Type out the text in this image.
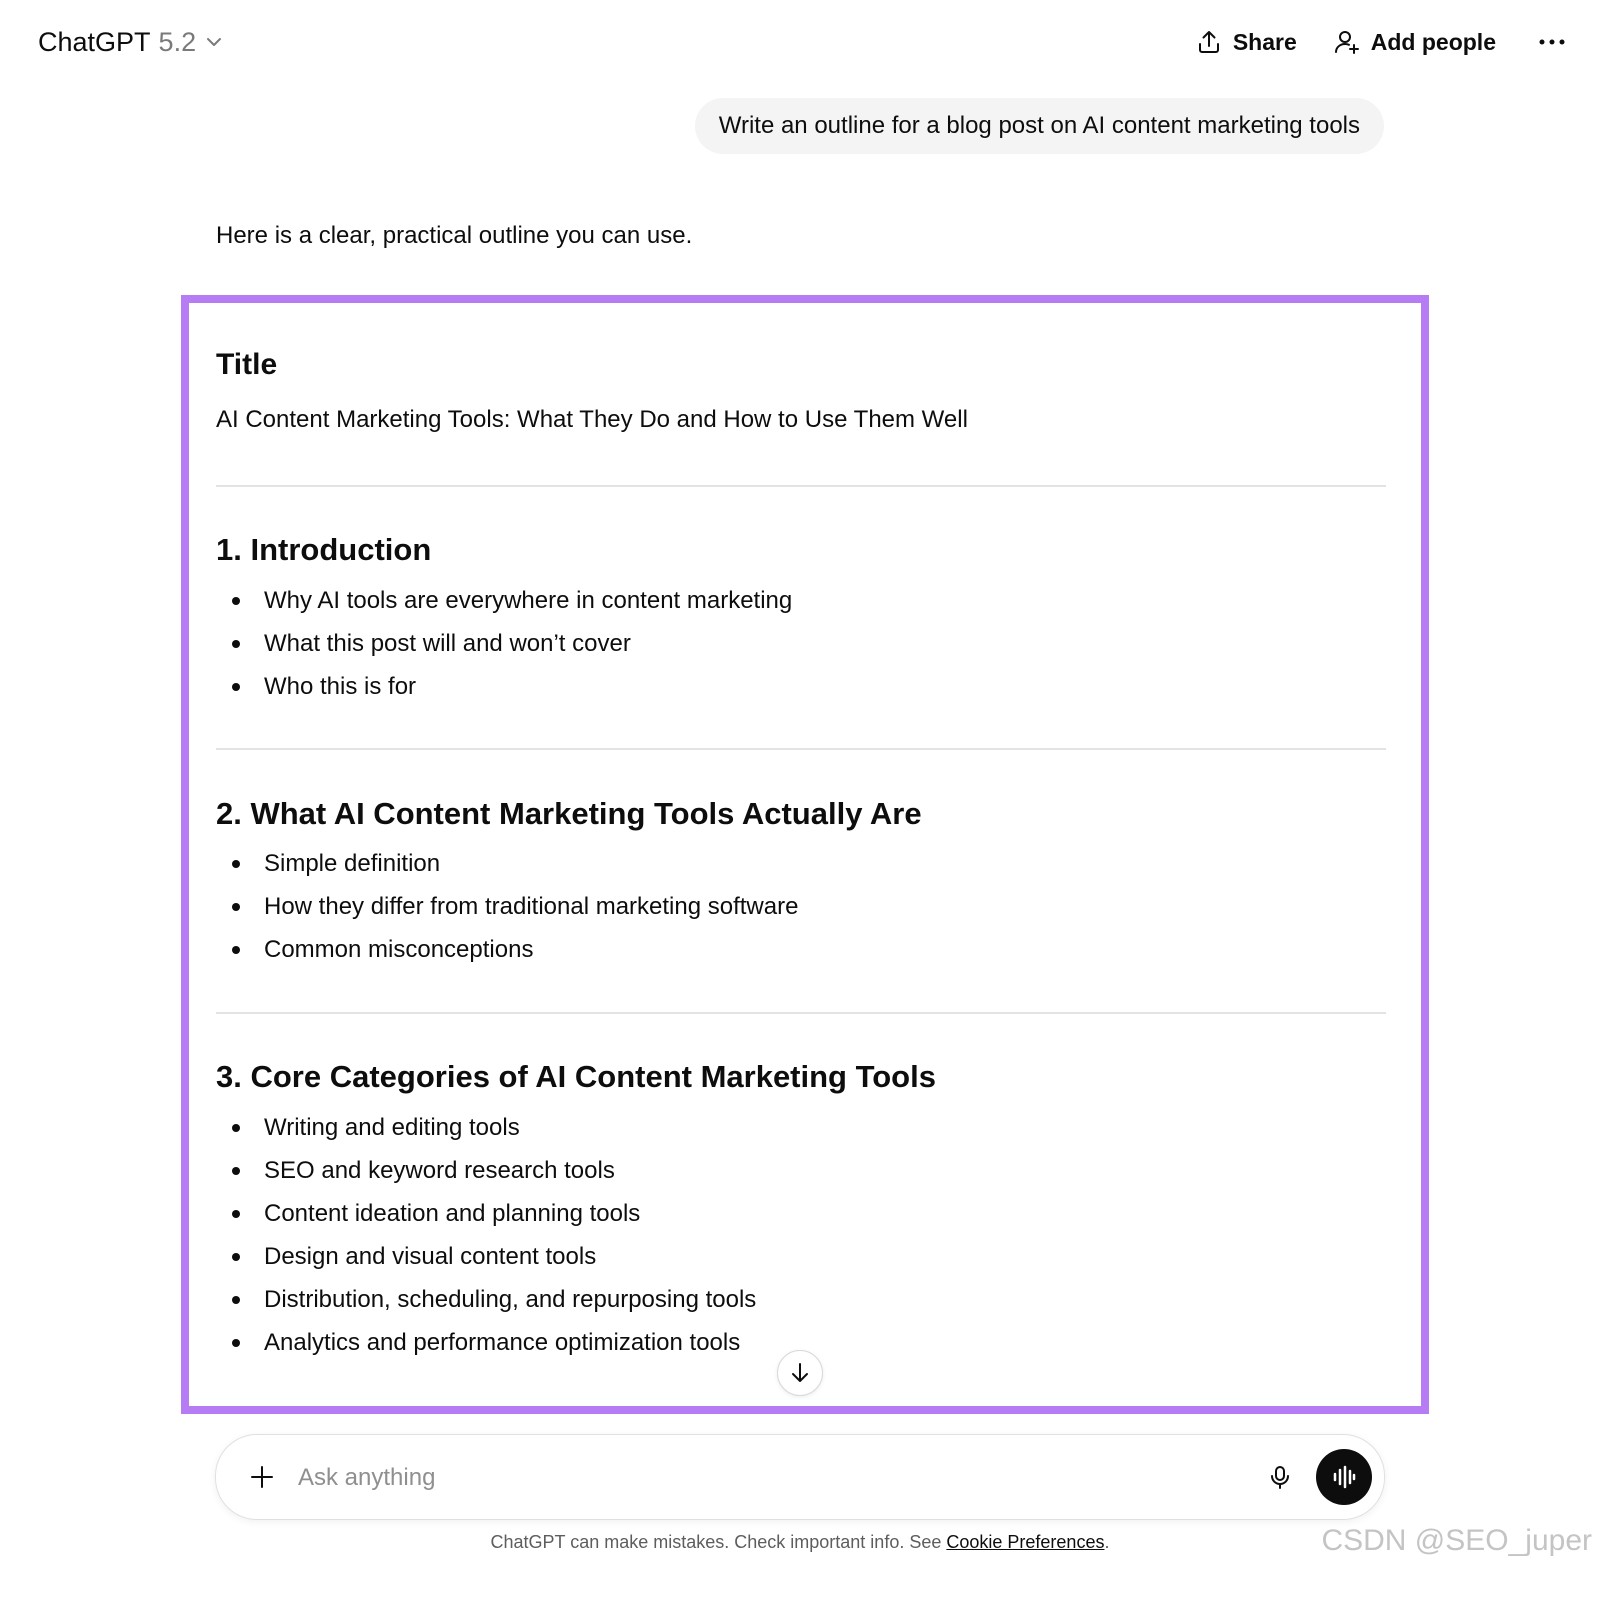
ChatGPT 5.2	Share	Add people
Write an outline for a blog post on AI content marketing tools
Here is a clear, practical outline you can use.
Title
AI Content Marketing Tools: What They Do and How to Use Them Well
1. Introduction
Why AI tools are everywhere in content marketing
What this post will and won’t cover
Who this is for
2. What AI Content Marketing Tools Actually Are
Simple definition
How they differ from traditional marketing software
Common misconceptions
3. Core Categories of AI Content Marketing Tools
Writing and editing tools
SEO and keyword research tools
Content ideation and planning tools
Design and visual content tools
Distribution, scheduling, and repurposing tools
Analytics and performance optimization tools
Ask anything
ChatGPT can make mistakes. Check important info. See Cookie Preferences.	CSDN @SEO_juper
